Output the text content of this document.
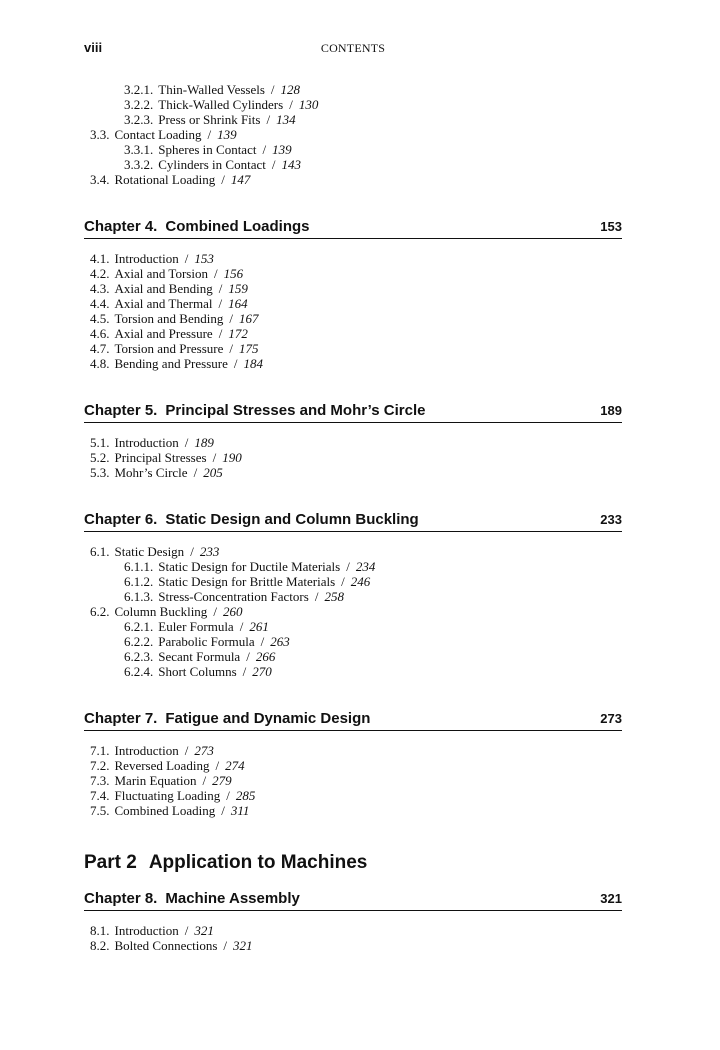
viii	CONTENTS
3.2.1. Thin-Walled Vessels / 128
3.2.2. Thick-Walled Cylinders / 130
3.2.3. Press or Shrink Fits / 134
3.3. Contact Loading / 139
3.3.1. Spheres in Contact / 139
3.3.2. Cylinders in Contact / 143
3.4. Rotational Loading / 147
Chapter 4. Combined Loadings	153
4.1. Introduction / 153
4.2. Axial and Torsion / 156
4.3. Axial and Bending / 159
4.4. Axial and Thermal / 164
4.5. Torsion and Bending / 167
4.6. Axial and Pressure / 172
4.7. Torsion and Pressure / 175
4.8. Bending and Pressure / 184
Chapter 5. Principal Stresses and Mohr’s Circle	189
5.1. Introduction / 189
5.2. Principal Stresses / 190
5.3. Mohr’s Circle / 205
Chapter 6. Static Design and Column Buckling	233
6.1. Static Design / 233
6.1.1. Static Design for Ductile Materials / 234
6.1.2. Static Design for Brittle Materials / 246
6.1.3. Stress-Concentration Factors / 258
6.2. Column Buckling / 260
6.2.1. Euler Formula / 261
6.2.2. Parabolic Formula / 263
6.2.3. Secant Formula / 266
6.2.4. Short Columns / 270
Chapter 7. Fatigue and Dynamic Design	273
7.1. Introduction / 273
7.2. Reversed Loading / 274
7.3. Marin Equation / 279
7.4. Fluctuating Loading / 285
7.5. Combined Loading / 311
Part 2 Application to Machines
Chapter 8. Machine Assembly	321
8.1. Introduction / 321
8.2. Bolted Connections / 321
